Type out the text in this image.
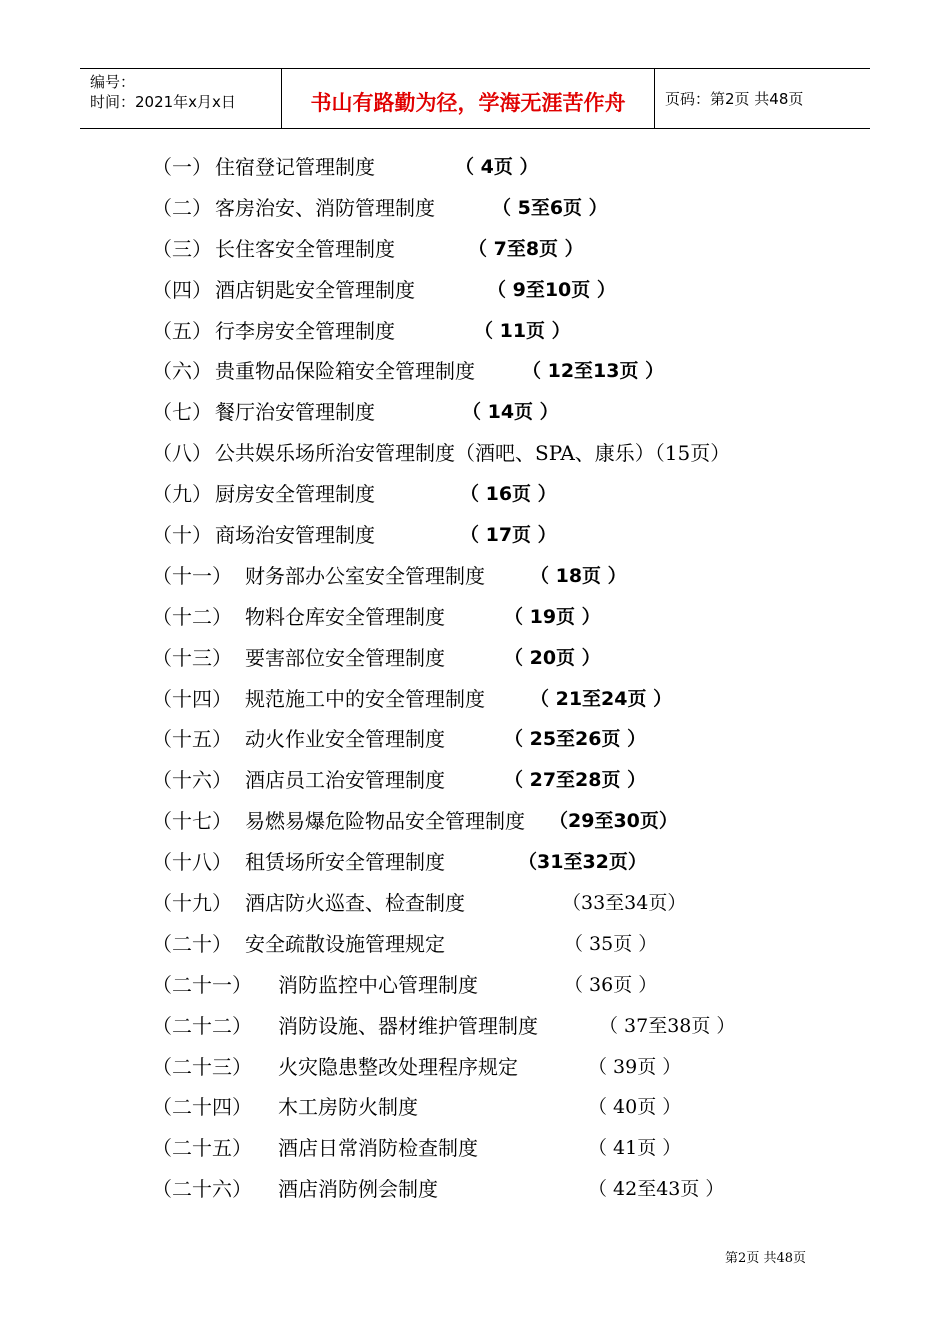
编号：
时间：2021年x月x日	书山有路勤为径，学海无涯苦作舟	页码：第2页 共48页
（一） 住宿登记管理制度	（ 4页 ）
（二） 客房治安、消防管理制度	（ 5至6页 ）
（三） 长住客安全管理制度	（ 7至8页 ）
（四） 酒店钥匙安全管理制度	（ 9至10页 ）
（五） 行李房安全管理制度	（ 11页 ）
（六） 贵重物品保险箱安全管理制度 （ 12至13页 ）
（七） 餐厅治安管理制度	（ 14页 ）
（八） 公共娱乐场所治安管理制度（酒吧、SPA、康乐）（15页）
（九） 厨房安全管理制度	（ 16页 ）
（十） 商场治安管理制度	（ 17页 ）
（十一） 财务部办公室安全管理制度 （ 18页 ）
（十二） 物料仓库安全管理制度	（ 19页 ）
（十三） 要害部位安全管理制度	（ 20页 ）
（十四） 规范施工中的安全管理制度 （ 21至24页 ）
（十五） 动火作业安全管理制度	（ 25至26页 ）
（十六） 酒店员工治安管理制度	（ 27至28页 ）
（十七） 易燃易爆危险物品安全管理制度 （29至30页）
（十八） 租赁场所安全管理制度	（31至32页）
（十九） 酒店防火巡查、检查制度	（33至34页）
（二十） 安全疏散设施管理规定	（ 35页 ）
（二十一） 消防监控中心管理制度	（ 36页 ）
（二十二） 消防设施、器材维护管理制度	（ 37至38页 ）
（二十三） 火灾隐患整改处理程序规定	（ 39页 ）
（二十四） 木工房防火制度	（ 40页 ）
（二十五） 酒店日常消防检查制度	（ 41页 ）
（二十六） 酒店消防例会制度	（ 42至43页 ）
第2页 共48页
